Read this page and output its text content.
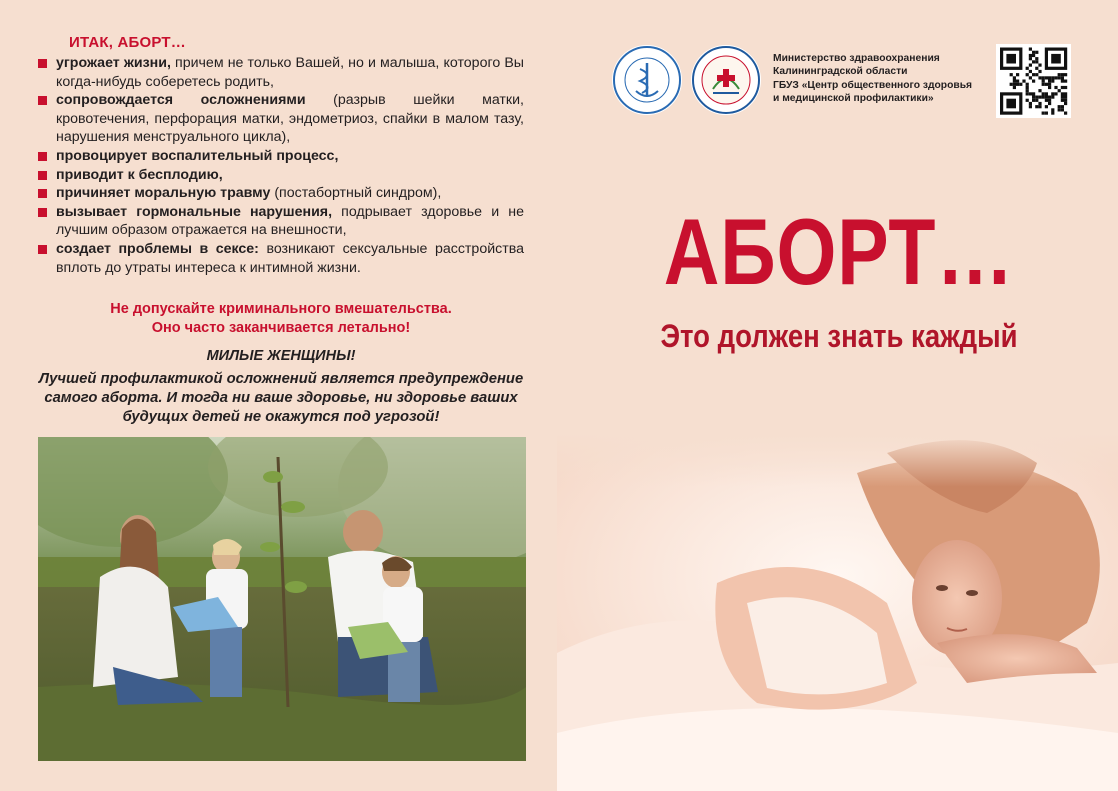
ИТАК, АБОРТ…
угрожает жизни, причем не только Вашей, но и малыша, которого Вы когда-нибудь соберетесь родить,
сопровождается осложнениями (разрыв шейки матки, кровотечения, перфорация матки, эндометриоз, спайки в малом тазу, нарушения менструального цикла),
провоцирует воспалительный процесс,
приводит к бесплодию,
причиняет моральную травму (постабортный синдром),
вызывает гормональные нарушения, подрывает здоровье и не лучшим образом отражается на внешности,
создает проблемы в сексе: возникают сексуальные расстройства вплоть до утраты интереса к интимной жизни.
Не допускайте криминального вмешательства.
Оно часто заканчивается летально!
МИЛЫЕ ЖЕНЩИНЫ!
Лучшей профилактикой осложнений является предупреждение самого аборта. И тогда ни ваше здоровье, ни здоровье ваших будущих детей не окажутся под угрозой!
Министерство здравоохранения
Калининградской области
ГБУЗ «Центр общественного здоровья
и медицинской профилактики»
АБОРТ…
Это должен знать каждый
